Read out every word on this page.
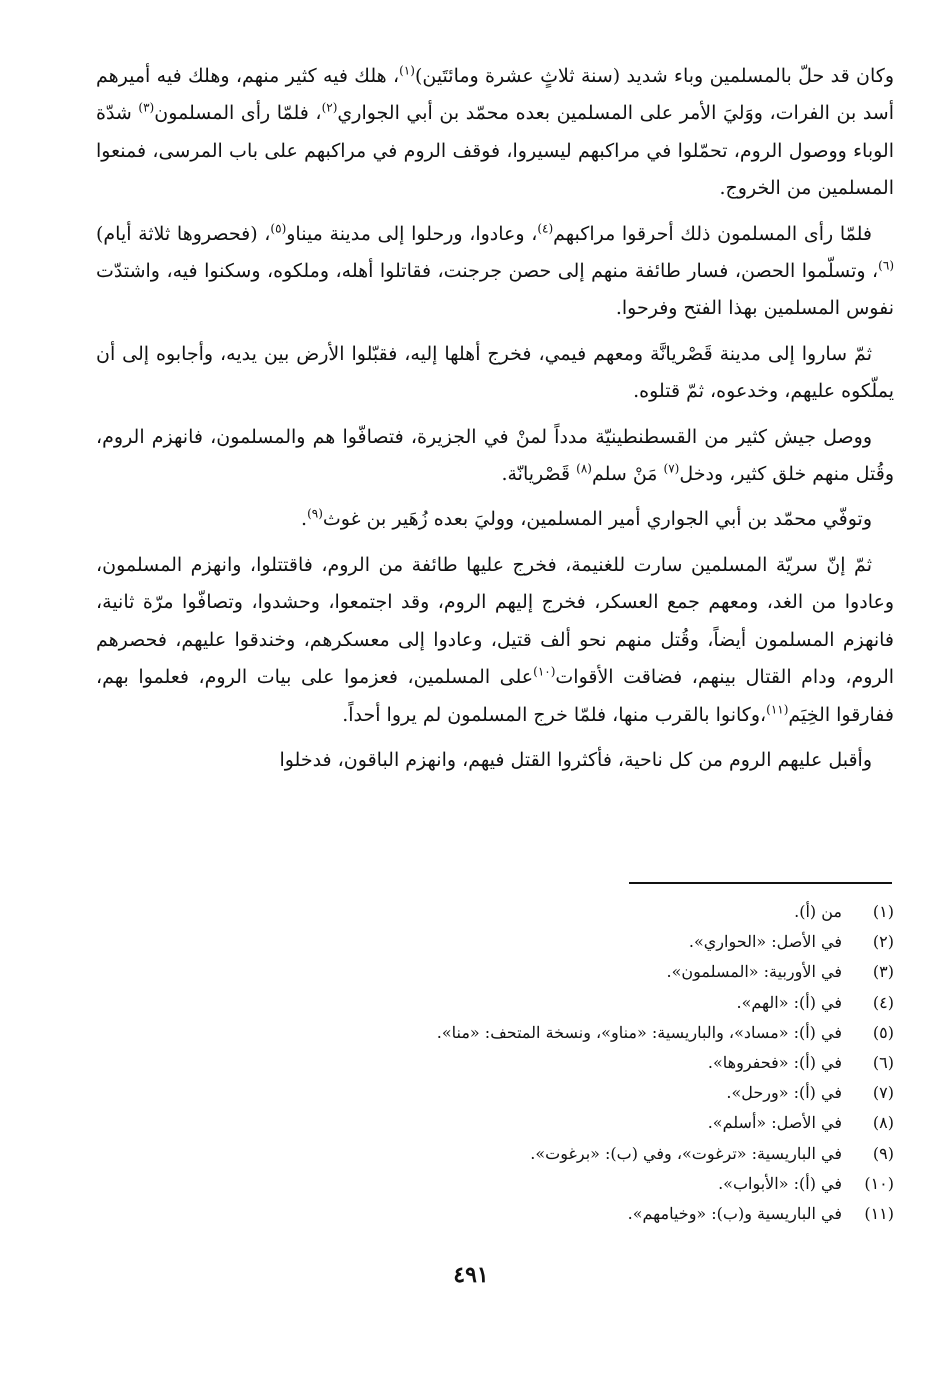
وكان قد حلّ بالمسلمين وباء شديد (سنة ثلاثٍ عشرة ومائتَين)$^{(١)}$، هلك فيه كثير منهم، وهلك فيه أميرهم أسد بن الفرات، ووَليَ الأمر على المسلمين بعده محمّد بن أبي الجواري$^{(٢)}$، فلمّا رأى المسلمون$^{(٣)}$ شدّة الوباء ووصول الروم، تحمّلوا في مراكبهم ليسيروا، فوقف الروم في مراكبهم على باب المرسى، فمنعوا المسلمين من الخروج.

فلمّا رأى المسلمون ذلك أحرقوا مراكبهم$^{(٤)}$، وعادوا، ورحلوا إلى مدينة ميناو$^{(٥)}$، (فحصروها ثلاثة أيام)$^{(٦)}$، وتسلّموا الحصن، فسار طائفة منهم إلى حصن جرجنت، فقاتلوا أهله، وملكوه، وسكنوا فيه، واشتدّت نفوس المسلمين بهذا الفتح وفرحوا.

ثمّ ساروا إلى مدينة قَصْريانَّة ومعهم فيمي، فخرج أهلها إليه، فقبّلوا الأرض بين يديه، وأجابوه إلى أن يملّكوه عليهم، وخدعوه، ثمّ قتلوه.

ووصل جيش كثير من القسطنطينيّة مدداً لمنْ في الجزيرة، فتصافّوا هم والمسلمون، فانهزم الروم، وقُتل منهم خلق كثير، ودخل$^{(٧)}$ مَنْ سلم$^{(٨)}$ قَصْريانّة.

وتوفّي محمّد بن أبي الجواري أمير المسلمين، ووليَ بعده زُهَير بن غوث$^{(٩)}$.

ثمّ إنّ سريّة المسلمين سارت للغنيمة، فخرج عليها طائفة من الروم، فاقتتلوا، وانهزم المسلمون، وعادوا من الغد، ومعهم جمع العسكر، فخرج إليهم الروم، وقد اجتمعوا، وحشدوا، وتصافّوا مرّة ثانية، فانهزم المسلمون أيضاً، وقُتل منهم نحو ألف قتيل، وعادوا إلى معسكرهم، وخندقوا عليهم، فحصرهم الروم، ودام القتال بينهم، فضاقت الأقوات$^{(١٠)}$على المسلمين، فعزموا على بيات الروم، فعلموا بهم، ففارقوا الخِيَم$^{(١١)}$،وكانوا بالقرب منها، فلمّا خرج المسلمون لم يروا أحداً.

وأقبل عليهم الروم من كل ناحية، فأكثروا القتل فيهم، وانهزم الباقون، فدخلوا

(١)
من (أ).
(٢)
في الأصل: «الحواري».
(٣)
في الأوربية: «المسلمون».
(٤)
في (أ): «الهم».
(٥)
في (أ): «مساد»، والباريسية: «مناو»، ونسخة المتحف: «منا».
(٦)
في (أ): «فحفروها».
(٧)
في (أ): «ورحل».
(٨)
في الأصل: «أسلم».
(٩)
في الباريسية: «ترغوت»، وفي (ب): «برغوت».
(١٠)
في (أ): «الأبواب».
(١١)
في الباريسية و(ب): «وخيامهم».
٤٩١
